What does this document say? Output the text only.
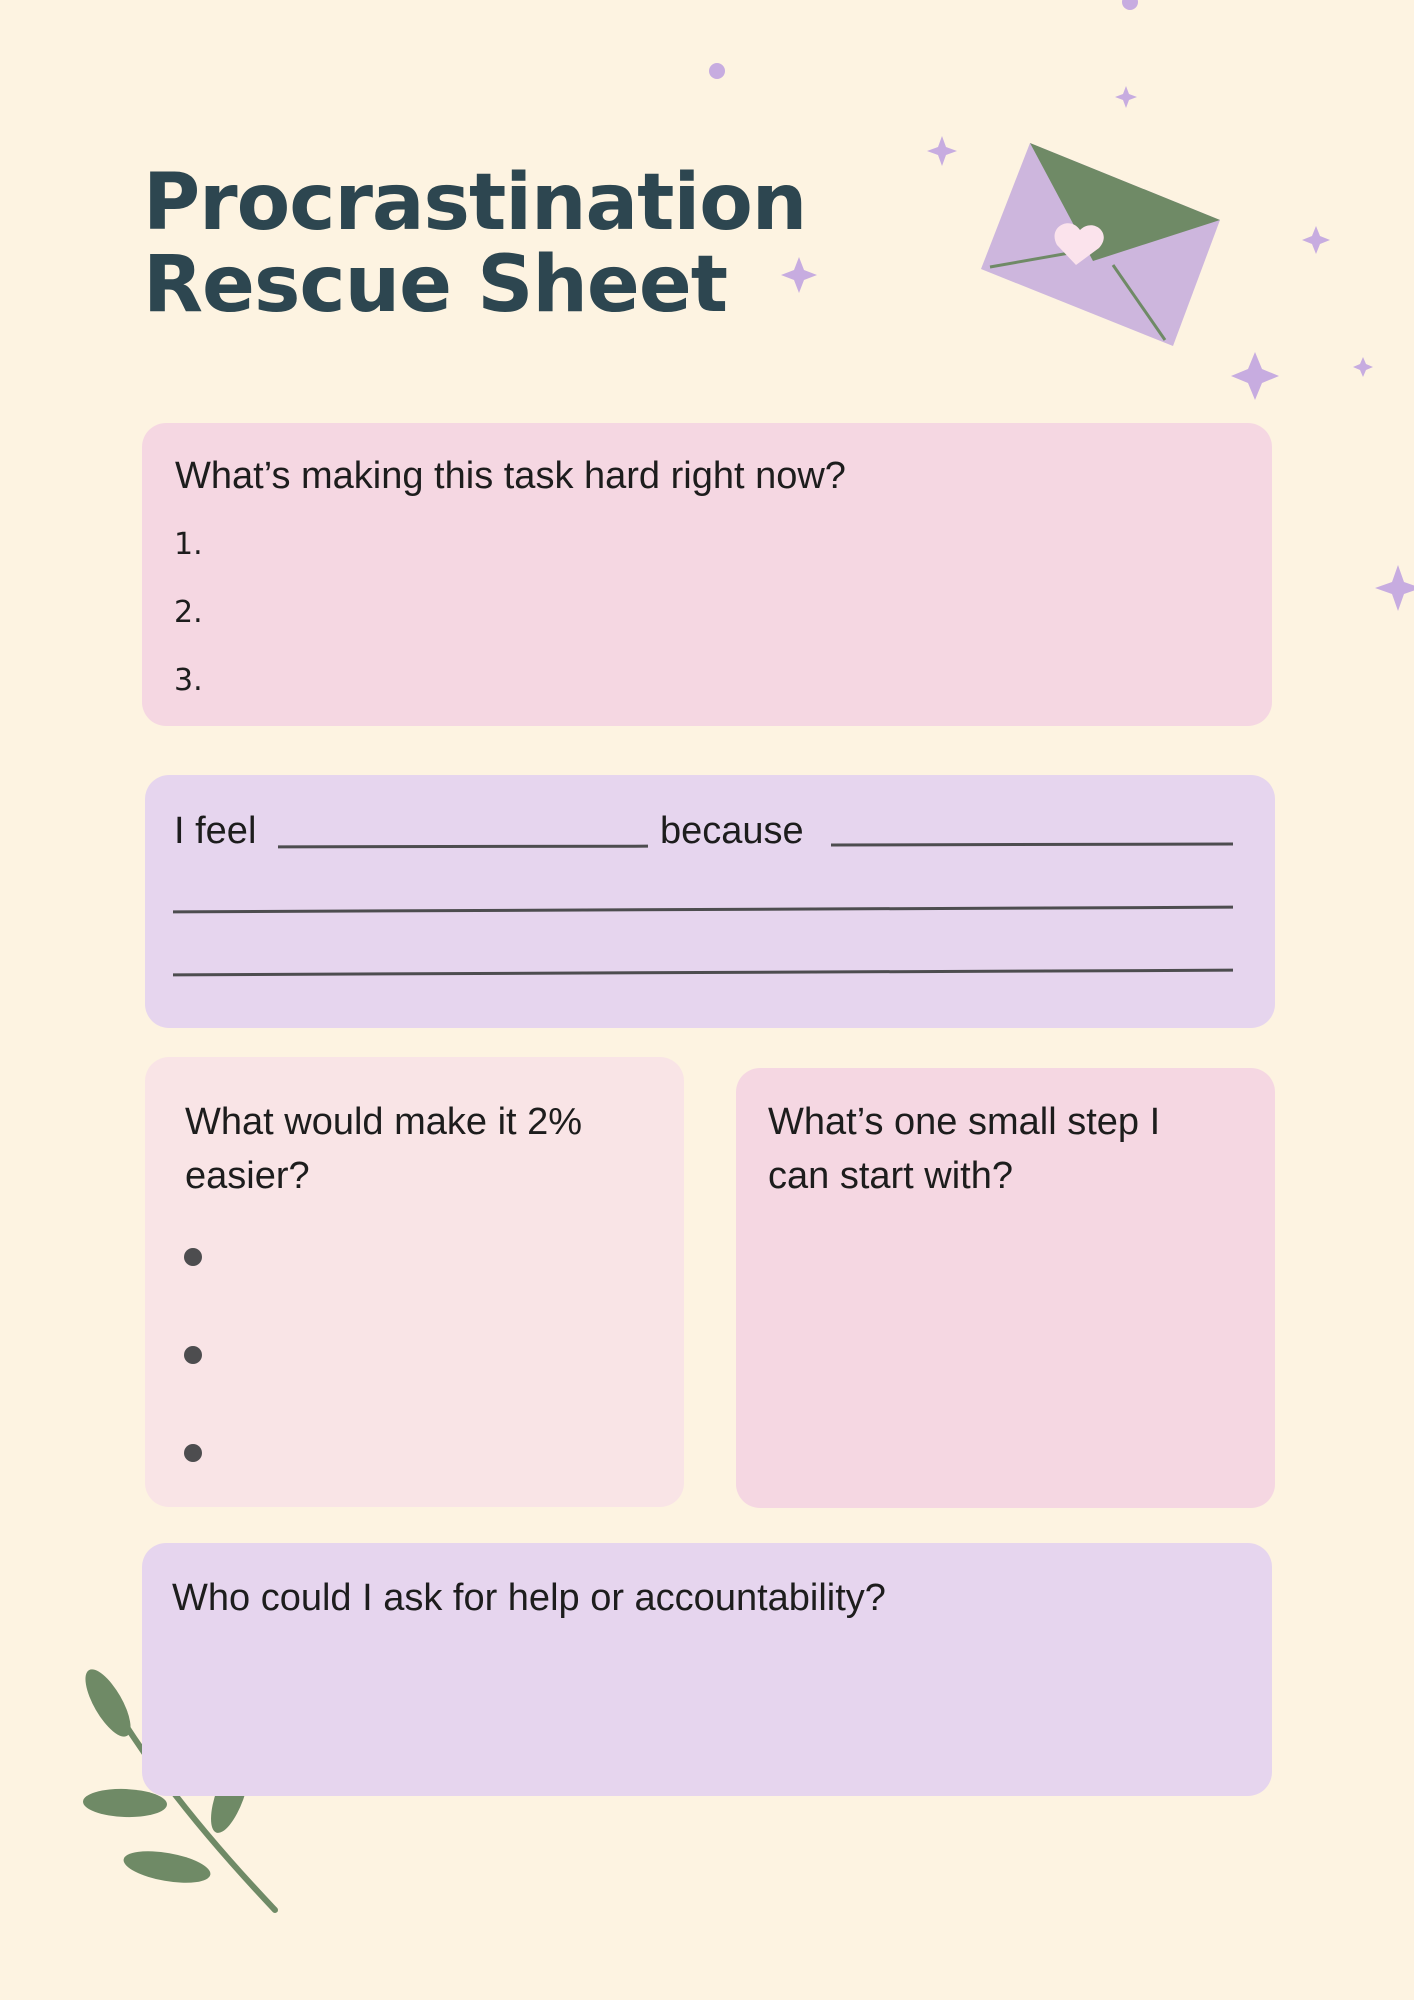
Procrastination
Rescue Sheet
What’s making this task hard right now?
1.
2.
3.
I feel	because
What would make it 2%
easier?
What’s one small step I
can start with?
Who could I ask for help or accountability?
